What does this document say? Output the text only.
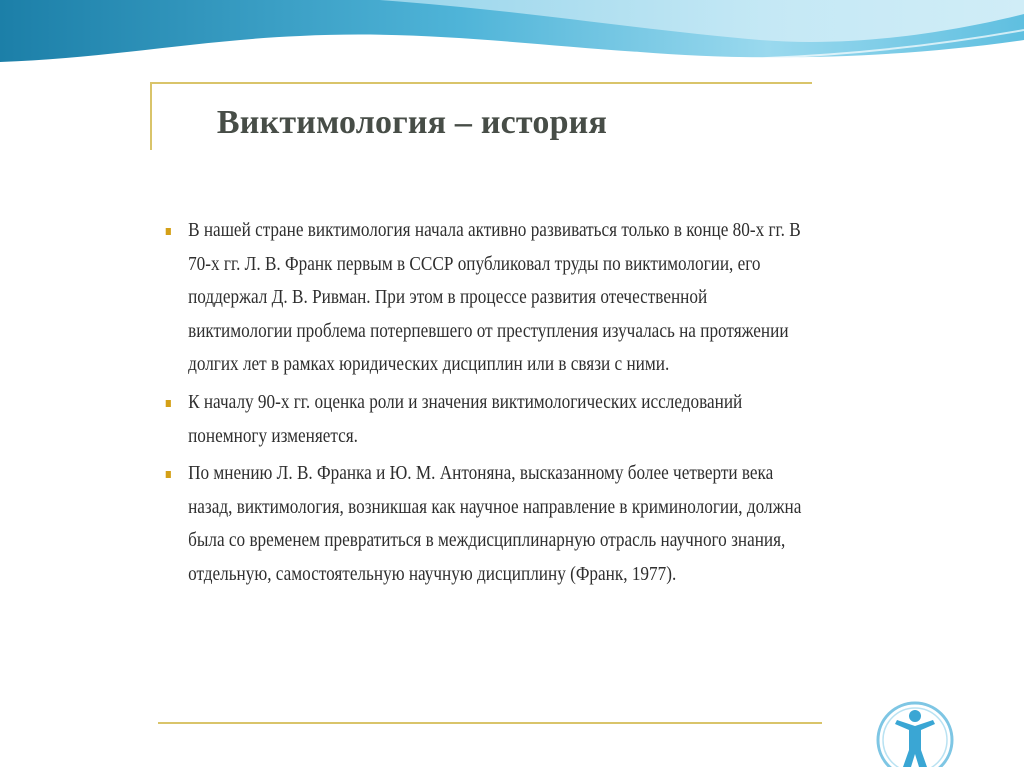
Виктимология – история
В нашей стране виктимология начала активно развиваться только в конце 80-х гг. В 70-х гг. Л. В. Франк первым в СССР опубликовал труды по виктимологии, его поддержал Д. В. Ривман. При этом в процессе развития отечественной виктимологии проблема потерпевшего от преступления изучалась на протяжении долгих лет в рамках юридических дисциплин или в связи с ними.
К началу 90-х гг. оценка роли и значения виктимологических исследований понемногу изменяется.
По мнению Л. В. Франка и Ю. М. Антоняна, высказанному более четверти века назад, виктимология, возникшая как научное направление в криминологии, должна была со временем превратиться в междисциплинарную отрасль научного знания, отдельную, самостоятельную научную дисциплину (Франк, 1977).
